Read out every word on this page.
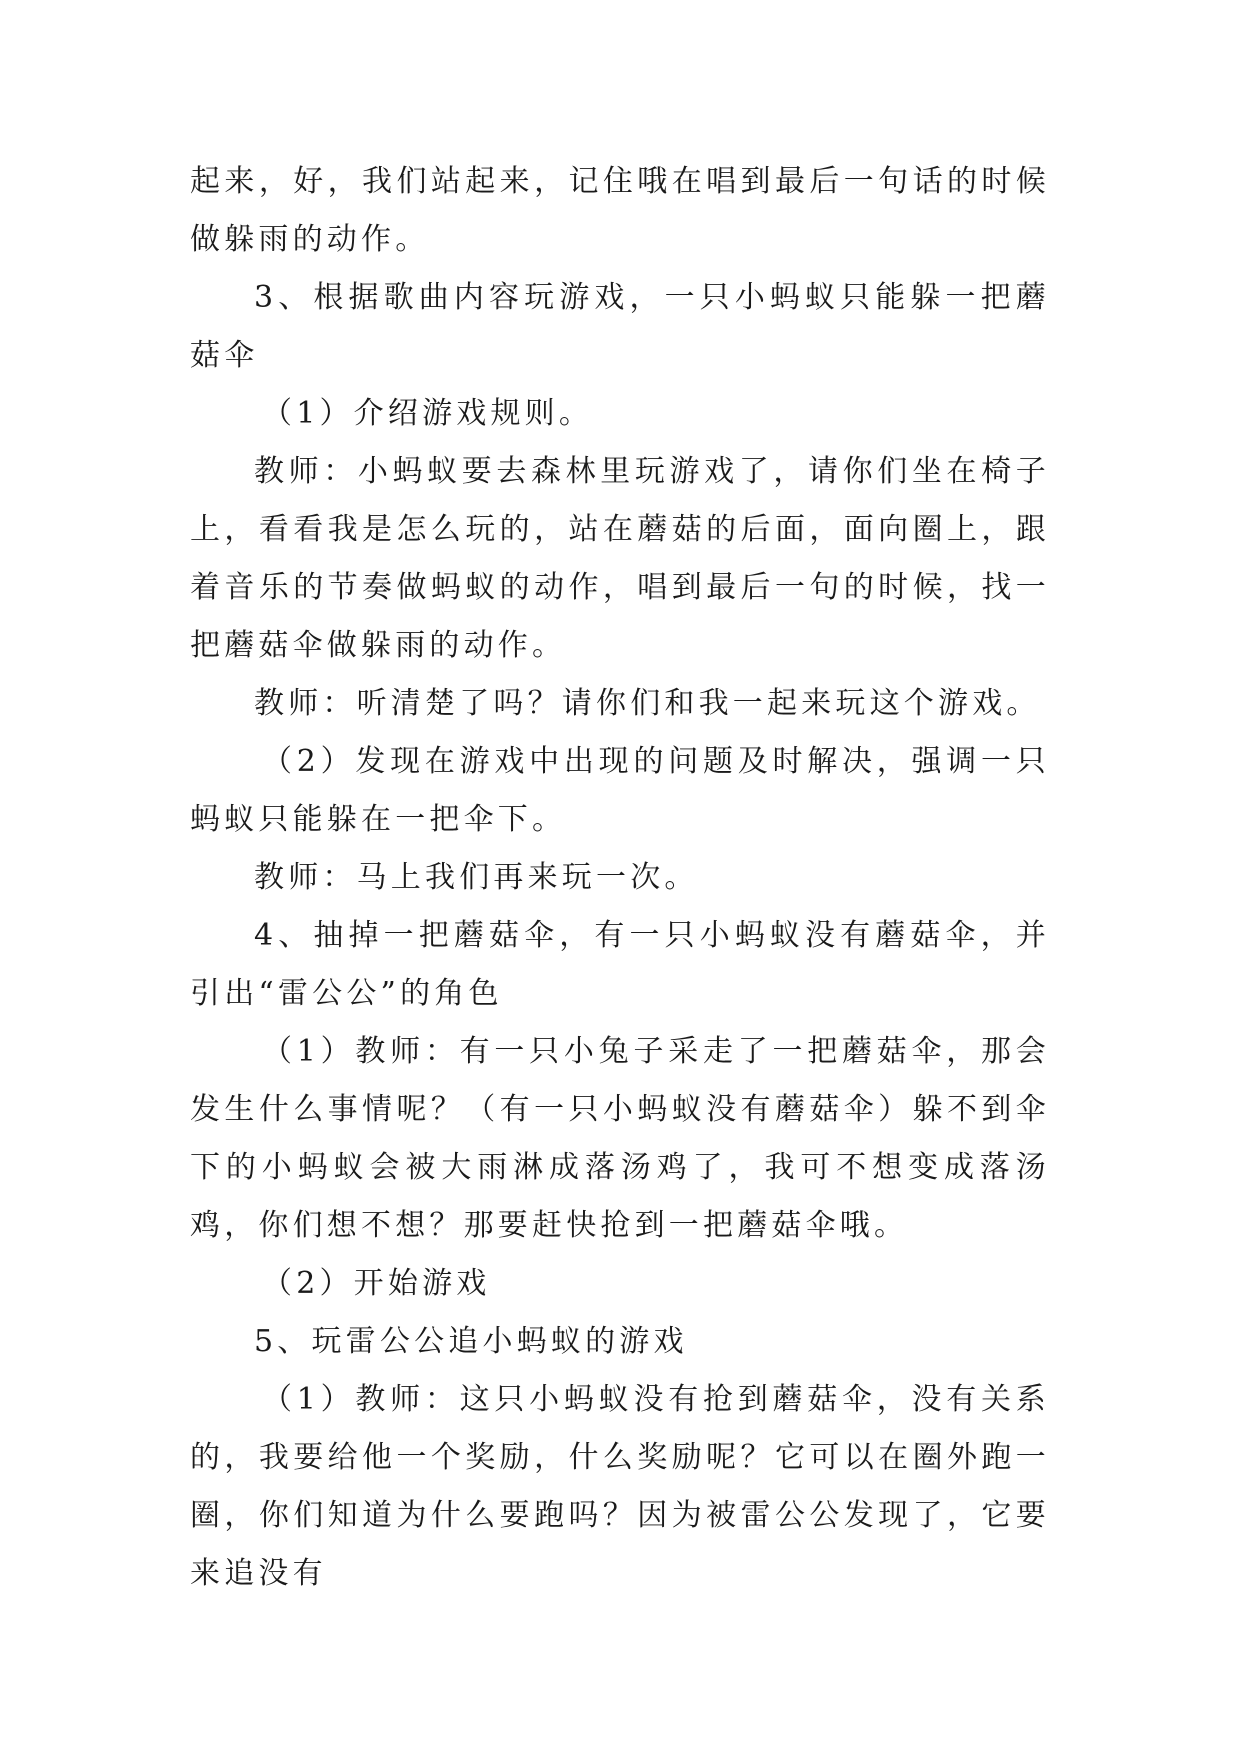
起来，好，我们站起来，记住哦在唱到最后一句话的时候做躲雨的动作。

3、根据歌曲内容玩游戏，一只小蚂蚁只能躲一把蘑菇伞

（1）介绍游戏规则。

教师：小蚂蚁要去森林里玩游戏了，请你们坐在椅子上，看看我是怎么玩的，站在蘑菇的后面，面向圈上，跟着音乐的节奏做蚂蚁的动作，唱到最后一句的时候，找一把蘑菇伞做躲雨的动作。

教师：听清楚了吗？请你们和我一起来玩这个游戏。

（2）发现在游戏中出现的问题及时解决，强调一只蚂蚁只能躲在一把伞下。

教师：马上我们再来玩一次。

4、抽掉一把蘑菇伞，有一只小蚂蚁没有蘑菇伞，并引出“雷公公”的角色

（1）教师：有一只小兔子采走了一把蘑菇伞，那会发生什么事情呢？（有一只小蚂蚁没有蘑菇伞）躲不到伞下的小蚂蚁会被大雨淋成落汤鸡了，我可不想变成落汤鸡，你们想不想？那要赶快抢到一把蘑菇伞哦。

（2）开始游戏

5、玩雷公公追小蚂蚁的游戏

（1）教师：这只小蚂蚁没有抢到蘑菇伞，没有关系的，我要给他一个奖励，什么奖励呢？它可以在圈外跑一圈，你们知道为什么要跑吗？因为被雷公公发现了，它要来追没有
